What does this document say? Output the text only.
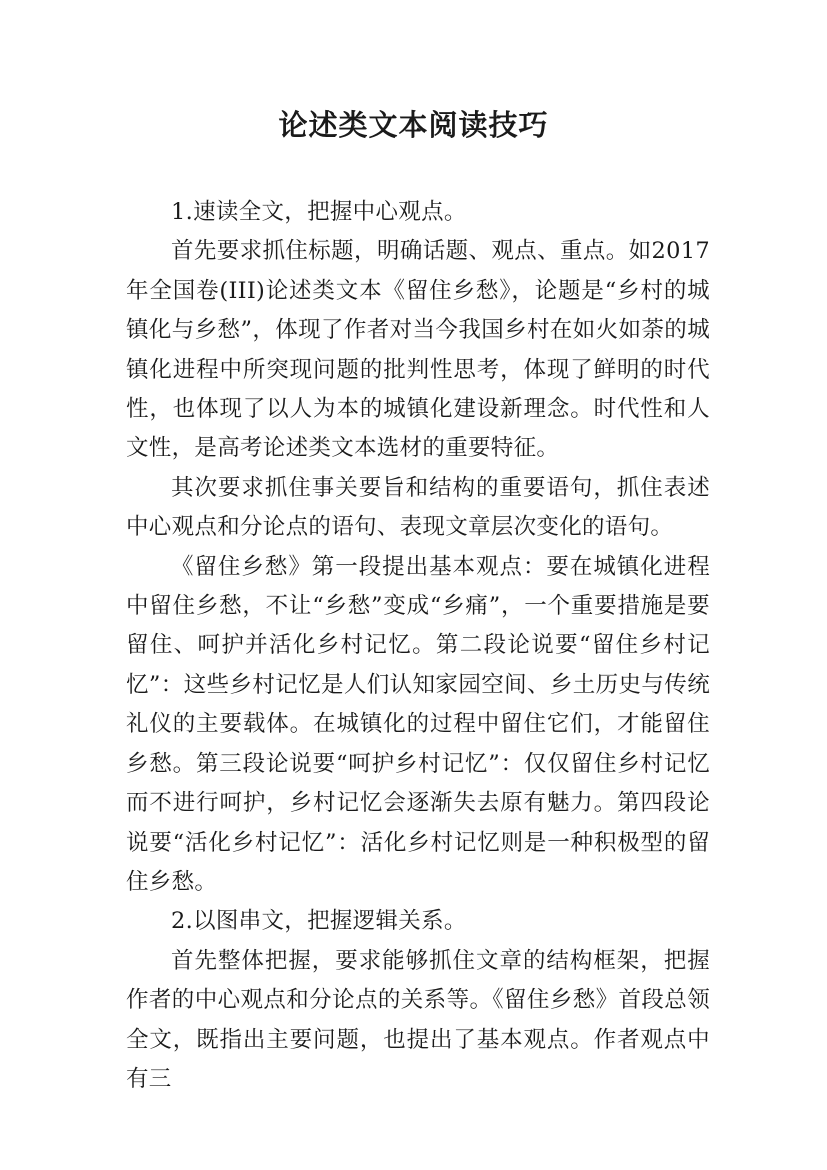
论述类文本阅读技巧

1.速读全文，把握中心观点。

首先要求抓住标题，明确话题、观点、重点。如2017年全国卷(III)论述类文本《留住乡愁》，论题是“乡村的城镇化与乡愁”，体现了作者对当今我国乡村在如火如荼的城镇化进程中所突现问题的批判性思考，体现了鲜明的时代性，也体现了以人为本的城镇化建设新理念。时代性和人文性，是高考论述类文本选材的重要特征。

其次要求抓住事关要旨和结构的重要语句，抓住表述中心观点和分论点的语句、表现文章层次变化的语句。

《留住乡愁》第一段提出基本观点：要在城镇化进程中留住乡愁，不让“乡愁”变成“乡痛”，一个重要措施是要留住、呵护并活化乡村记忆。第二段论说要“留住乡村记忆”：这些乡村记忆是人们认知家园空间、乡土历史与传统礼仪的主要载体。在城镇化的过程中留住它们，才能留住乡愁。第三段论说要“呵护乡村记忆”：仅仅留住乡村记忆而不进行呵护，乡村记忆会逐渐失去原有魅力。第四段论说要“活化乡村记忆”：活化乡村记忆则是一种积极型的留住乡愁。

2.以图串文，把握逻辑关系。

首先整体把握，要求能够抓住文章的结构框架，把握作者的中心观点和分论点的关系等。《留住乡愁》首段总领全文，既指出主要问题，也提出了基本观点。作者观点中有三
